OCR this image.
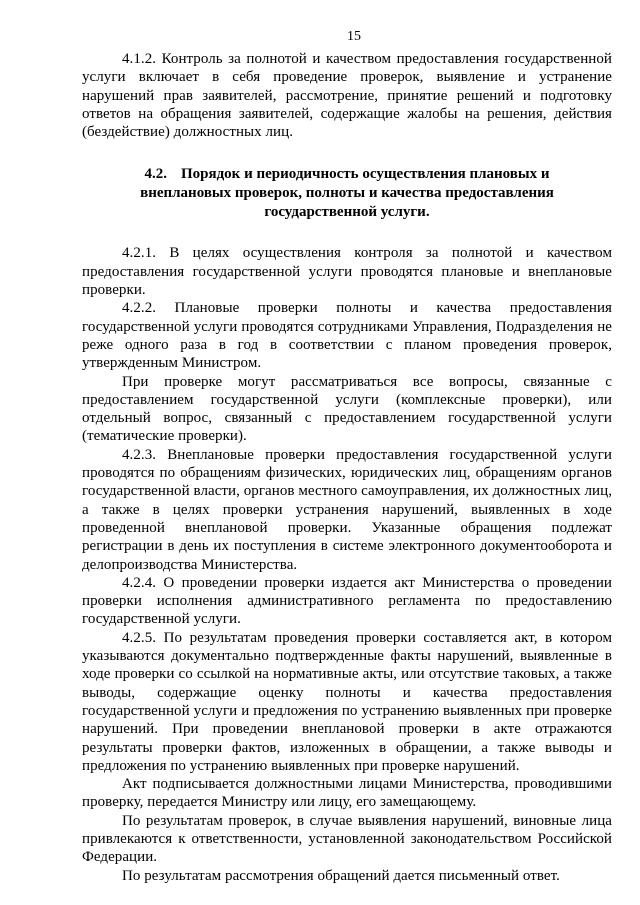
15

4.1.2. Контроль за полнотой и качеством предоставления государственной услуги включает в себя проведение проверок, выявление и устранение нарушений прав заявителей, рассмотрение, принятие решений и подготовку ответов на обращения заявителей, содержащие жалобы на решения, действия (бездействие) должностных лиц.

4.2. Порядок и периодичность осуществления плановых и внеплановых проверок, полноты и качества предоставления государственной услуги.

4.2.1. В целях осуществления контроля за полнотой и качеством предоставления государственной услуги проводятся плановые и внеплановые проверки.

4.2.2. Плановые проверки полноты и качества предоставления государственной услуги проводятся сотрудниками Управления, Подразделения не реже одного раза в год в соответствии с планом проведения проверок, утвержденным Министром.

При проверке могут рассматриваться все вопросы, связанные с предоставлением государственной услуги (комплексные проверки), или отдельный вопрос, связанный с предоставлением государственной услуги (тематические проверки).

4.2.3. Внеплановые проверки предоставления государственной услуги проводятся по обращениям физических, юридических лиц, обращениям органов государственной власти, органов местного самоуправления, их должностных лиц, а также в целях проверки устранения нарушений, выявленных в ходе проведенной внеплановой проверки. Указанные обращения подлежат регистрации в день их поступления в системе электронного документооборота и делопроизводства Министерства.

4.2.4. О проведении проверки издается акт Министерства о проведении проверки исполнения административного регламента по предоставлению государственной услуги.

4.2.5. По результатам проведения проверки составляется акт, в котором указываются документально подтвержденные факты нарушений, выявленные в ходе проверки со ссылкой на нормативные акты, или отсутствие таковых, а также выводы, содержащие оценку полноты и качества предоставления государственной услуги и предложения по устранению выявленных при проверке нарушений. При проведении внеплановой проверки в акте отражаются результаты проверки фактов, изложенных в обращении, а также выводы и предложения по устранению выявленных при проверке нарушений.

Акт подписывается должностными лицами Министерства, проводившими проверку, передается Министру или лицу, его замещающему.

По результатам проверок, в случае выявления нарушений, виновные лица привлекаются к ответственности, установленной законодательством Российской Федерации.

По результатам рассмотрения обращений дается письменный ответ.
